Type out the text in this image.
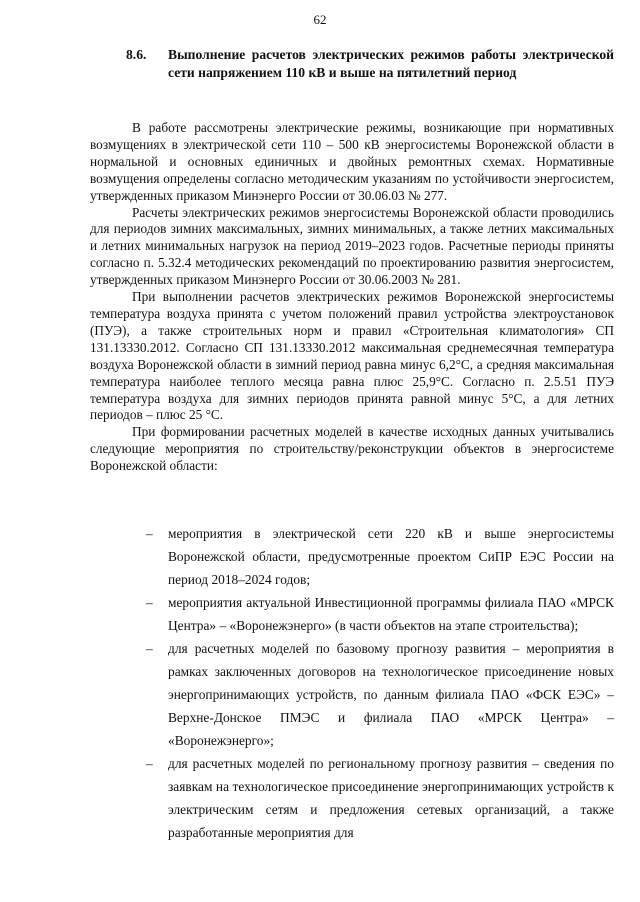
62
8.6.	Выполнение расчетов электрических режимов работы электрической сети напряжением 110 кВ и выше на пятилетний период

В работе рассмотрены электрические режимы, возникающие при нормативных возмущениях в электрической сети 110 – 500 кВ энергосистемы Воронежской области в нормальной и основных единичных и двойных ремонтных схемах. Нормативные возмущения определены согласно методическим указаниям по устойчивости энергосистем, утвержденных приказом Минэнерго России от 30.06.03 № 277.

Расчеты электрических режимов энергосистемы Воронежской области проводились для периодов зимних максимальных, зимних минимальных, а также летних максимальных и летних минимальных нагрузок на период 2019–2023 годов. Расчетные периоды приняты согласно п. 5.32.4 методических рекомендаций по проектированию развития энергосистем, утвержденных приказом Минэнерго России от 30.06.2003 № 281.

При выполнении расчетов электрических режимов Воронежской энергосистемы температура воздуха принята с учетом положений правил устройства электроустановок (ПУЭ), а также строительных норм и правил «Строительная климатология» СП 131.13330.2012. Согласно СП 131.13330.2012 максимальная среднемесячная температура воздуха Воронежской области в зимний период равна минус 6,2°С, а средняя максимальная температура наиболее теплого месяца равна плюс 25,9°С. Согласно п. 2.5.51 ПУЭ температура воздуха для зимних периодов принята равной минус 5°С, а для летних периодов – плюс 25 °С.

При формировании расчетных моделей в качестве исходных данных учитывались следующие мероприятия по строительству/реконструкции объектов в энергосистеме Воронежской области:

– мероприятия в электрической сети 220 кВ и выше энергосистемы Воронежской области, предусмотренные проектом СиПР ЕЭС России на период 2018–2024 годов;
– мероприятия актуальной Инвестиционной программы филиала ПАО «МРСК Центра» – «Воронежэнерго» (в части объектов на этапе строительства);
– для расчетных моделей по базовому прогнозу развития – мероприятия в рамках заключенных договоров на технологическое присоединение новых энергопринимающих устройств, по данным филиала ПАО «ФСК ЕЭС» – Верхне-Донское ПМЭС и филиала ПАО «МРСК Центра» – «Воронежэнерго»;
– для расчетных моделей по региональному прогнозу развития – сведения по заявкам на технологическое присоединение энергопринимающих устройств к электрическим сетям и предложения сетевых организаций, а также разработанные мероприятия для
